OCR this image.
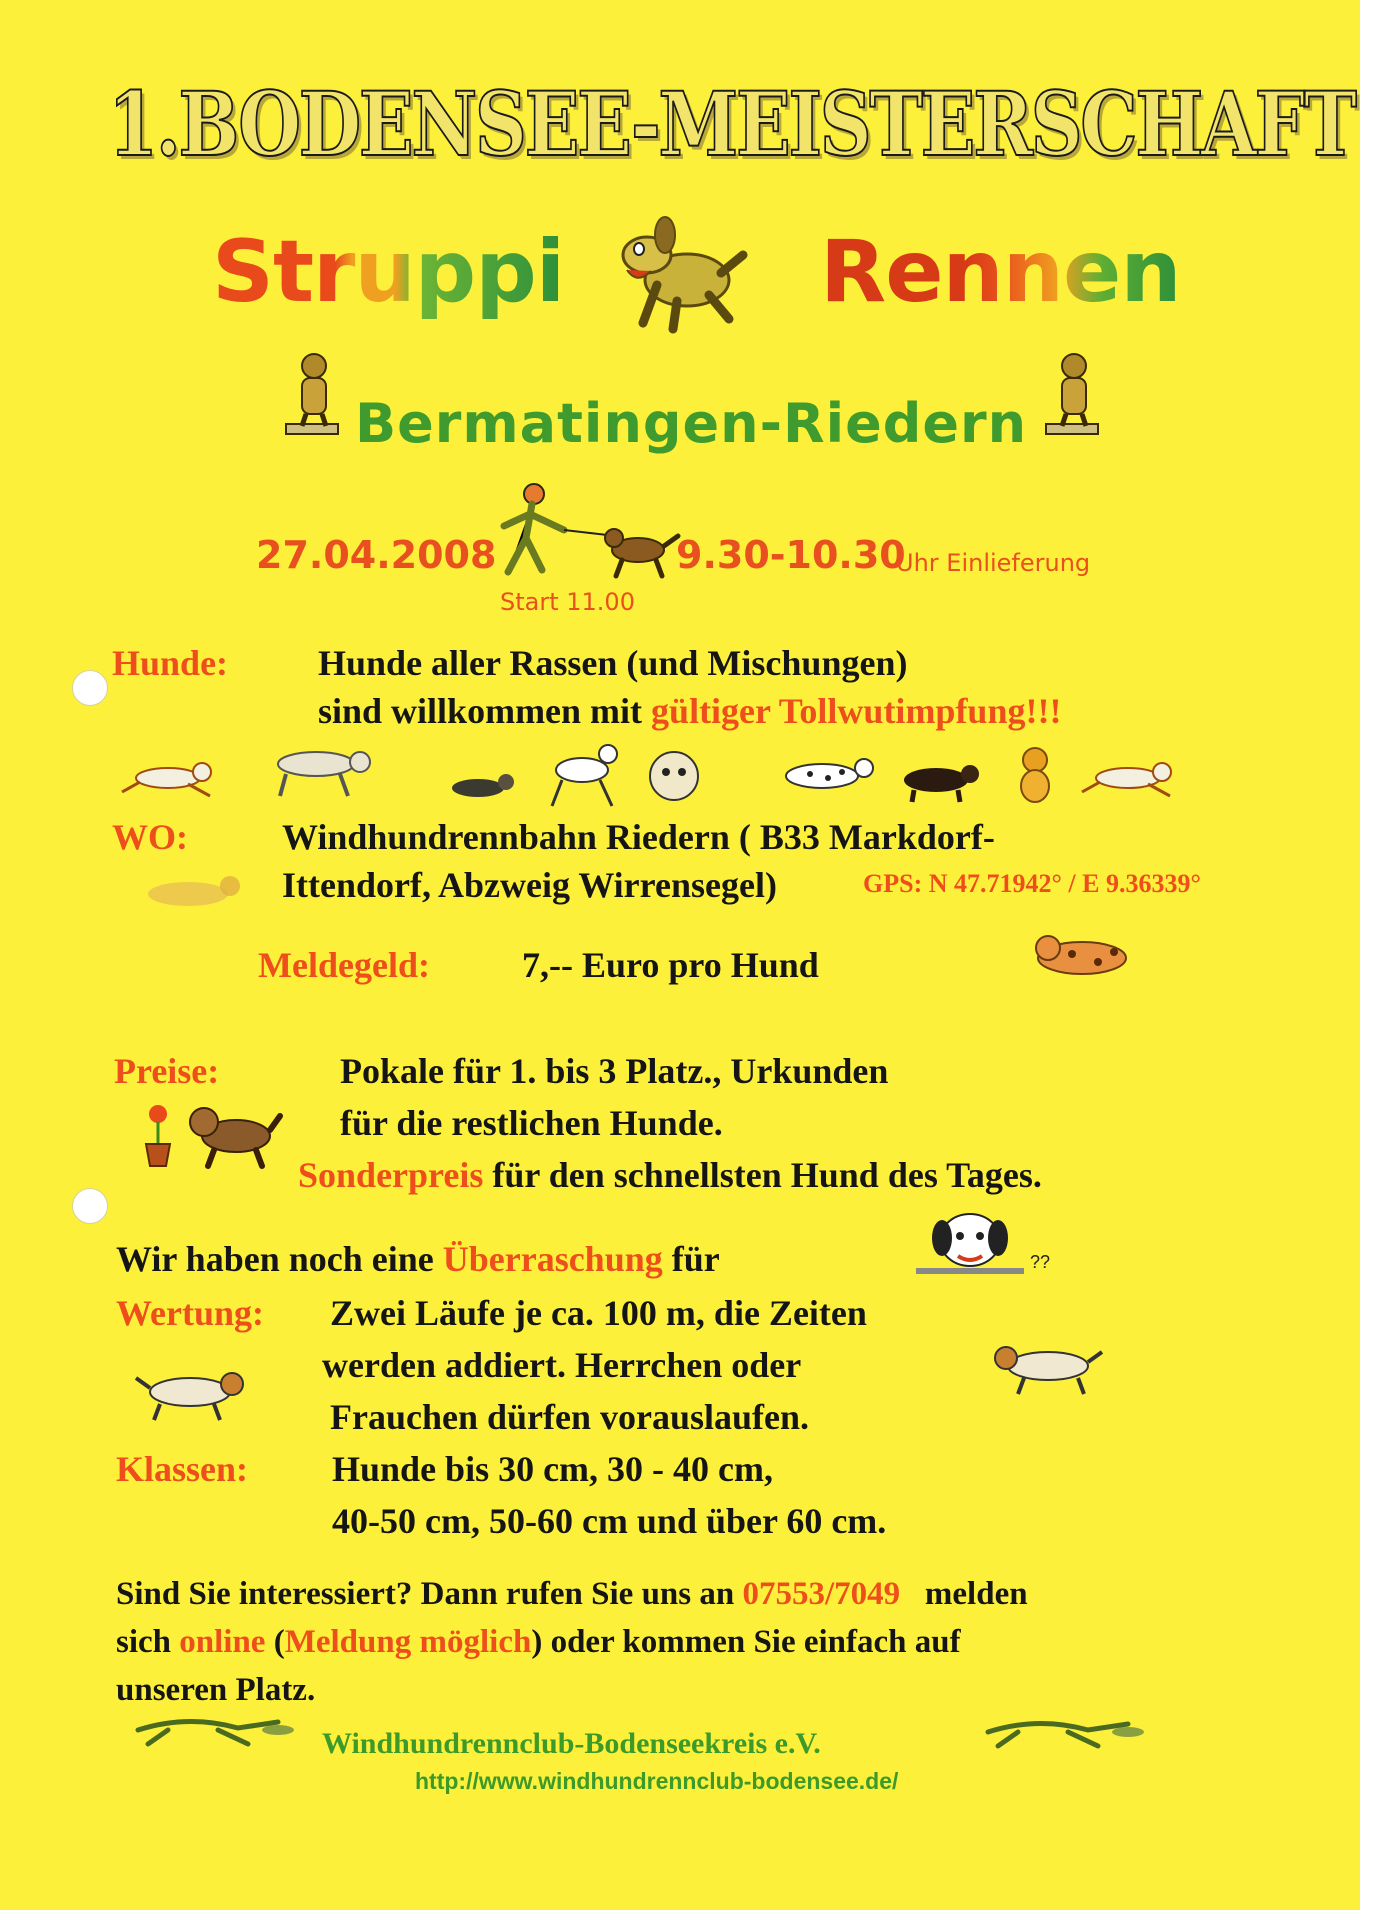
1.BODENSEE-MEISTERSCHAFT
Struppi	Rennen
Bermatingen-Riedern
27.04.2008	9.30-10.30
Uhr Einlieferung
Start 11.00
Hunde: Hunde aller Rassen (und Mischungen)
sind willkommen mit gültiger Tollwutimpfung!!!
WO:	Windhundrennbahn Riedern ( B33 Markdorf-
Ittendorf, Abzweig Wirrensegel)	GPS: N 47.71942° / E 9.36339°
Meldegeld:	7,-- Euro pro Hund
Preise:	Pokale für 1. bis 3 Platz., Urkunden
für die restlichen Hunde.
Sonderpreis für den schnellsten Hund des Tages.
Wir haben noch eine Überraschung für	??
Wertung: Zwei Läufe je ca. 100 m, die Zeiten
werden addiert. Herrchen oder
Frauchen dürfen vorauslaufen.
Klassen: Hunde bis 30 cm, 30 - 40 cm,
40-50 cm, 50-60 cm und über 60 cm.
Sind Sie interessiert? Dann rufen Sie uns an 07553/7049 melden
sich online (Meldung möglich) oder kommen Sie einfach auf
unseren Platz.
Windhundrennclub-Bodenseekreis e.V.
http://www.windhundrennclub-bodensee.de/
